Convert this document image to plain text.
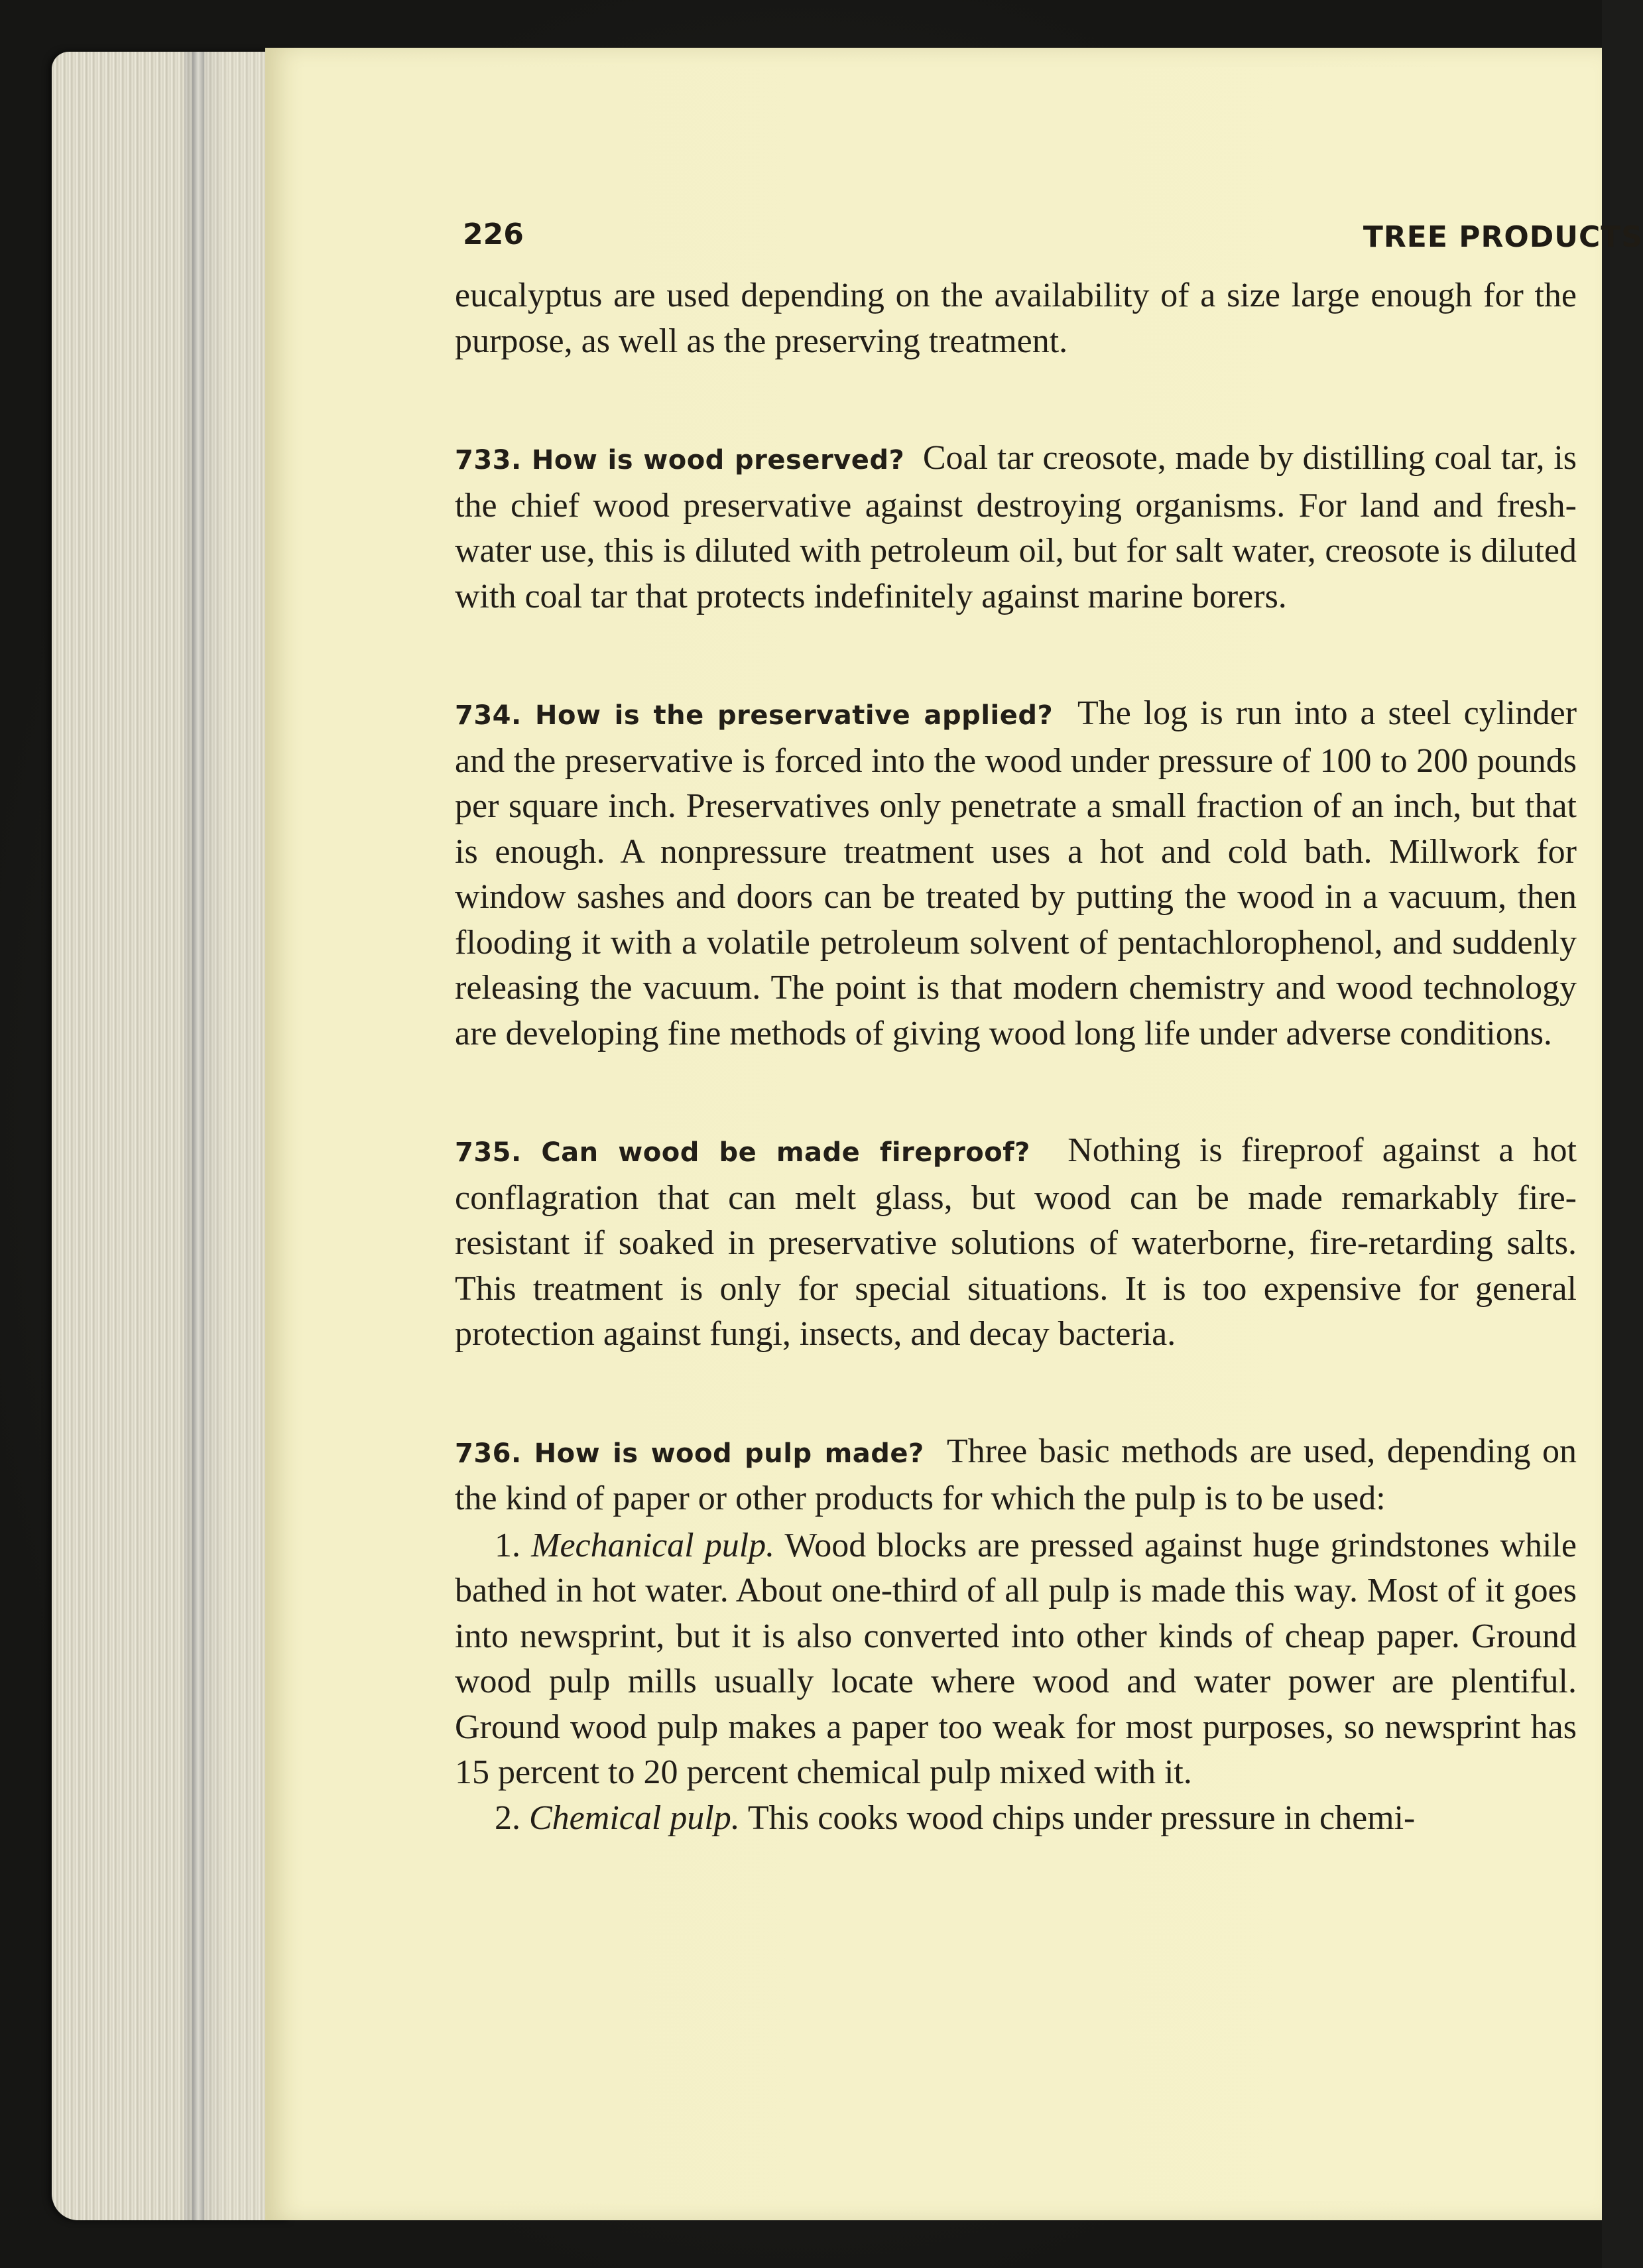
226	TREE PRODUCTS

eucalyptus are used depending on the availability of a size large enough for the purpose, as well as the preserving treatment.

733. How is wood preserved? Coal tar creosote, made by distilling coal tar, is the chief wood preservative against destroying organisms. For land and fresh-water use, this is diluted with petroleum oil, but for salt water, creosote is diluted with coal tar that protects indefinitely against marine borers.

734. How is the preservative applied? The log is run into a steel cylinder and the preservative is forced into the wood under pressure of 100 to 200 pounds per square inch. Preservatives only penetrate a small fraction of an inch, but that is enough. A nonpressure treatment uses a hot and cold bath. Millwork for window sashes and doors can be treated by putting the wood in a vacuum, then flooding it with a volatile petroleum solvent of pentachlorophenol, and suddenly releasing the vacuum. The point is that modern chemistry and wood technology are developing fine methods of giving wood long life under adverse conditions.

735. Can wood be made fireproof? Nothing is fireproof against a hot conflagration that can melt glass, but wood can be made remarkably fire-resistant if soaked in preservative solutions of waterborne, fire-retarding salts. This treatment is only for special situations. It is too expensive for general protection against fungi, insects, and decay bacteria.

736. How is wood pulp made? Three basic methods are used, depending on the kind of paper or other products for which the pulp is to be used:

1. Mechanical pulp. Wood blocks are pressed against huge grindstones while bathed in hot water. About one-third of all pulp is made this way. Most of it goes into newsprint, but it is also converted into other kinds of cheap paper. Ground wood pulp mills usually locate where wood and water power are plentiful. Ground wood pulp makes a paper too weak for most purposes, so newsprint has 15 percent to 20 percent chemical pulp mixed with it.

2. Chemical pulp. This cooks wood chips under pressure in chemi-
